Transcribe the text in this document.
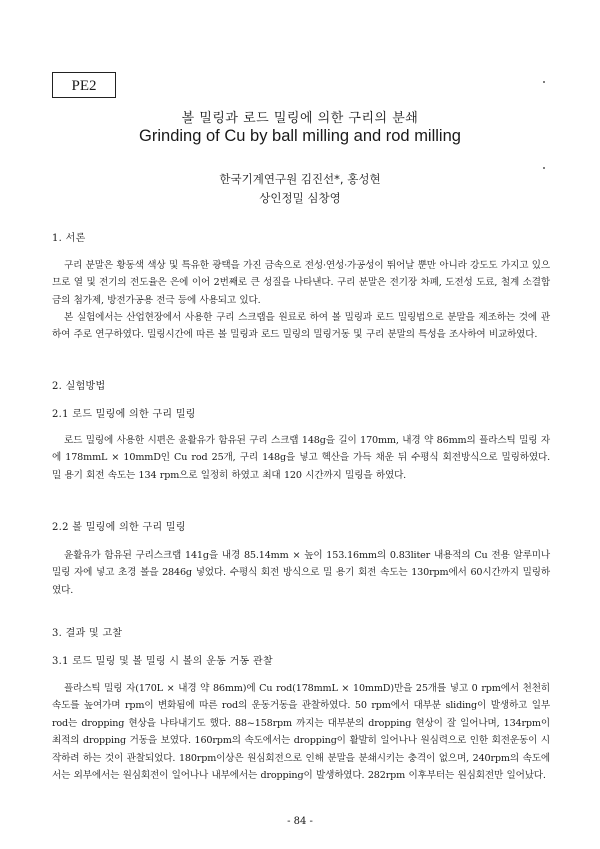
PE2
볼 밀링과 로드 밀링에 의한 구리의 분쇄
Grinding of Cu by ball milling and rod milling
한국기계연구원 김진선*, 홍성현
상인정밀 심창영
1. 서론
구리 분말은 황동색 색상 및 특유한 광택을 가진 금속으로 전성·연성·가공성이 뛰어날 뿐만 아니라 강도도 가지고 있으므로 열 및 전기의 전도율은 은에 이어 2번째로 큰 성질을 나타낸다. 구리 분말은 전기장 차폐, 도전성 도료, 철계 소결합금의 첨가제, 방전가공용 전극 등에 사용되고 있다.
본 실험에서는 산업현장에서 사용한 구리 스크랩을 원료로 하여 볼 밀링과 로드 밀링법으로 분말을 제조하는 것에 관하여 주로 연구하였다. 밀링시간에 따른 볼 밀링과 로드 밀링의 밀링거동 및 구리 분말의 특성을 조사하여 비교하였다.
2. 실험방법
2.1 로드 밀링에 의한 구리 밀링
로드 밀링에 사용한 시편은 윤활유가 함유된 구리 스크랩 148g을 길이 170mm, 내경 약 86mm의 플라스틱 밀링 자에 178mmL × 10mmD인 Cu rod 25개, 구리 148g을 넣고 헥산을 가득 채운 뒤 수평식 회전방식으로 밀링하였다. 밀 용기 회전 속도는 134 rpm으로 일정히 하였고 최대 120 시간까지 밀링을 하였다.
2.2 볼 밀링에 의한 구리 밀링
윤활유가 함유된 구리스크랩 141g을 내경 85.14mm × 높이 153.16mm의 0.83liter 내용적의 Cu 전용 알루미나 밀링 자에 넣고 초경 볼을 2846g 넣었다. 수평식 회전 방식으로 밀 용기 회전 속도는 130rpm에서 60시간까지 밀링하였다.
3. 결과 및 고찰
3.1 로드 밀링 및 볼 밀링 시 볼의 운동 거동 관찰
플라스틱 밀링 자(170L × 내경 약 86mm)에 Cu rod(178mmL × 10mmD)만을 25개를 넣고 0 rpm에서 천천히 속도를 높여가며 rpm이 변화됨에 따른 rod의 운동거동을 관찰하였다. 50 rpm에서 대부분 sliding이 발생하고 일부 rod는 dropping 현상을 나타내기도 했다. 88~158rpm 까지는 대부분의 dropping 현상이 잘 일어나며, 134rpm이 최적의 dropping 거동을 보였다. 160rpm의 속도에서는 dropping이 활발히 일어나나 원심력으로 인한 회전운동이 시작하려 하는 것이 관찰되었다. 180rpm이상은 원심회전으로 인해 분말을 분쇄시키는 충격이 없으며, 240rpm의 속도에서는 외부에서는 원심회전이 일어나나 내부에서는 dropping이 발생하였다. 282rpm 이후부터는 원심회전만 일어났다.
- 84 -
